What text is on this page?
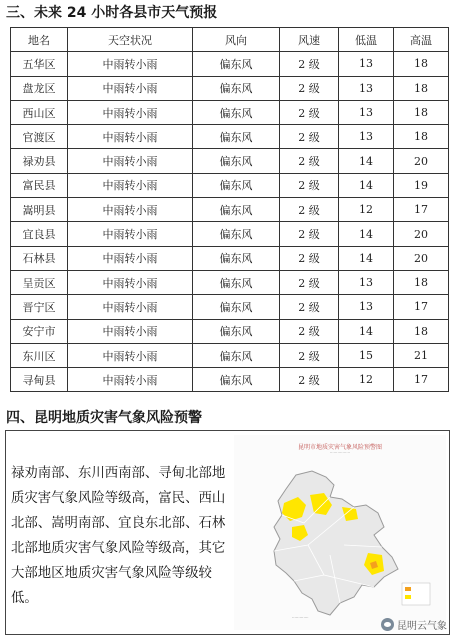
三、未来 24 小时各县市天气预报
地名	天空状况	风向	风速	低温	高温
五华区	中雨转小雨	偏东风	2 级	13	18
盘龙区	中雨转小雨	偏东风	2 级	13	18
西山区	中雨转小雨	偏东风	2 级	13	18
官渡区	中雨转小雨	偏东风	2 级	13	18
禄劝县	中雨转小雨	偏东风	2 级	14	20
富民县	中雨转小雨	偏东风	2 级	14	19
嵩明县	中雨转小雨	偏东风	2 级	12	17
宜良县	中雨转小雨	偏东风	2 级	14	20
石林县	中雨转小雨	偏东风	2 级	14	20
呈贡区	中雨转小雨	偏东风	2 级	13	18
晋宁区	中雨转小雨	偏东风	2 级	13	17
安宁市	中雨转小雨	偏东风	2 级	14	18
东川区	中雨转小雨	偏东风	2 级	15	21
寻甸县	中雨转小雨	偏东风	2 级	12	17
四、昆明地质灾害气象风险预警
禄劝南部、东川西南部、寻甸北部地质灾害气象风险等级高，富民、西山北部、嵩明南部、宜良东北部、石林北部地质灾害气象风险等级高，其它大部地区地质灾害气象风险等级较低。
昆明市地质灾害气象风险预警图
················
·············
昆明云气象
